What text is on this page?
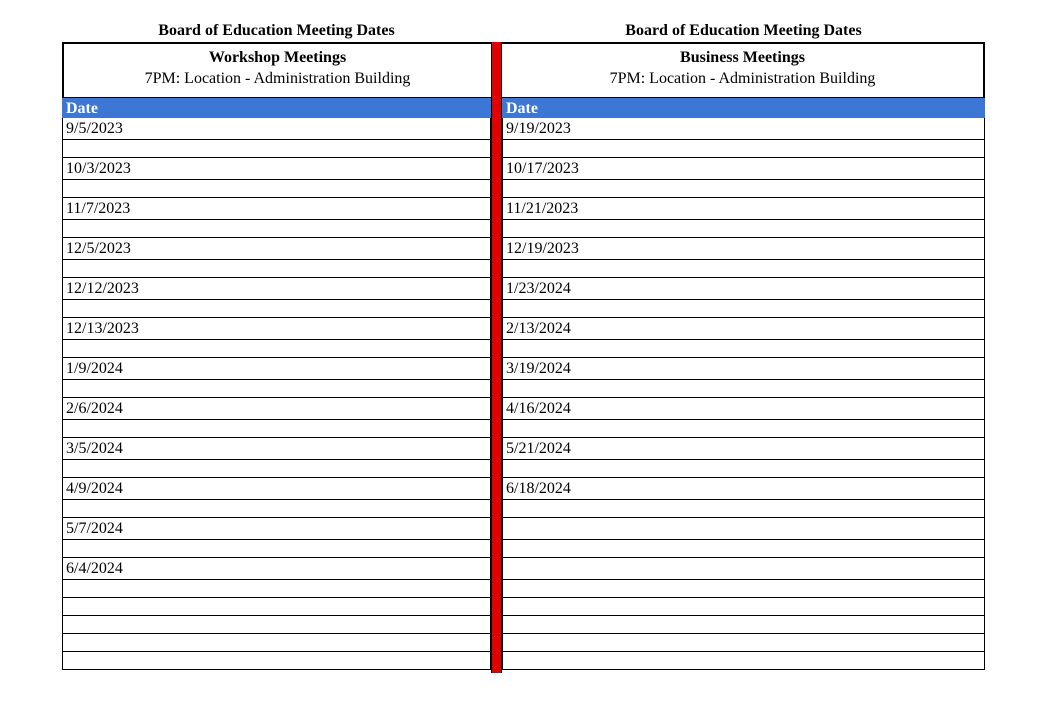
Board of Education Meeting Dates	Board of Education Meeting Dates
Workshop Meetings
7PM: Location - Administration Building
Date
9/5/2023
10/3/2023
11/7/2023
12/5/2023
12/12/2023
12/13/2023
1/9/2024
2/6/2024
3/5/2024
4/9/2024
5/7/2024
6/4/2024
Business Meetings
7PM: Location - Administration Building
Date
9/19/2023
10/17/2023
11/21/2023
12/19/2023
1/23/2024
2/13/2024
3/19/2024
4/16/2024
5/21/2024
6/18/2024
